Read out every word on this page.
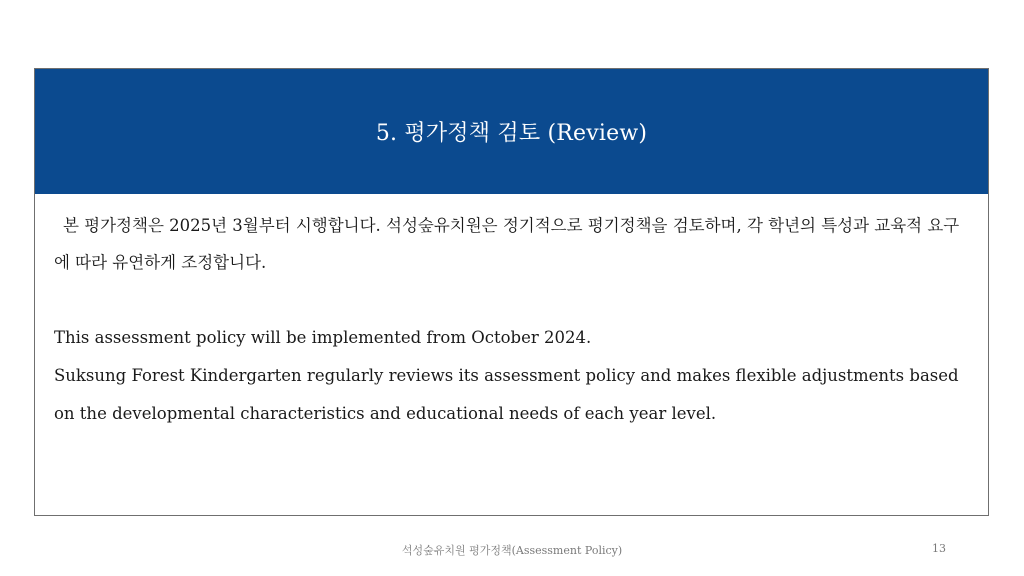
5. 평가정책 검토 (Review)

본 평가정책은 2025년 3월부터 시행합니다. 석성숲유치원은 정기적으로 평기정책을 검토하며, 각 학년의 특성과 교육적 요구에 따라 유연하게 조정합니다.

This assessment policy will be implemented from October 2024.
Suksung Forest Kindergarten regularly reviews its assessment policy and makes flexible adjustments based on the developmental characteristics and educational needs of each year level.
석성숲유치원 평가정책(Assessment Policy)	13
